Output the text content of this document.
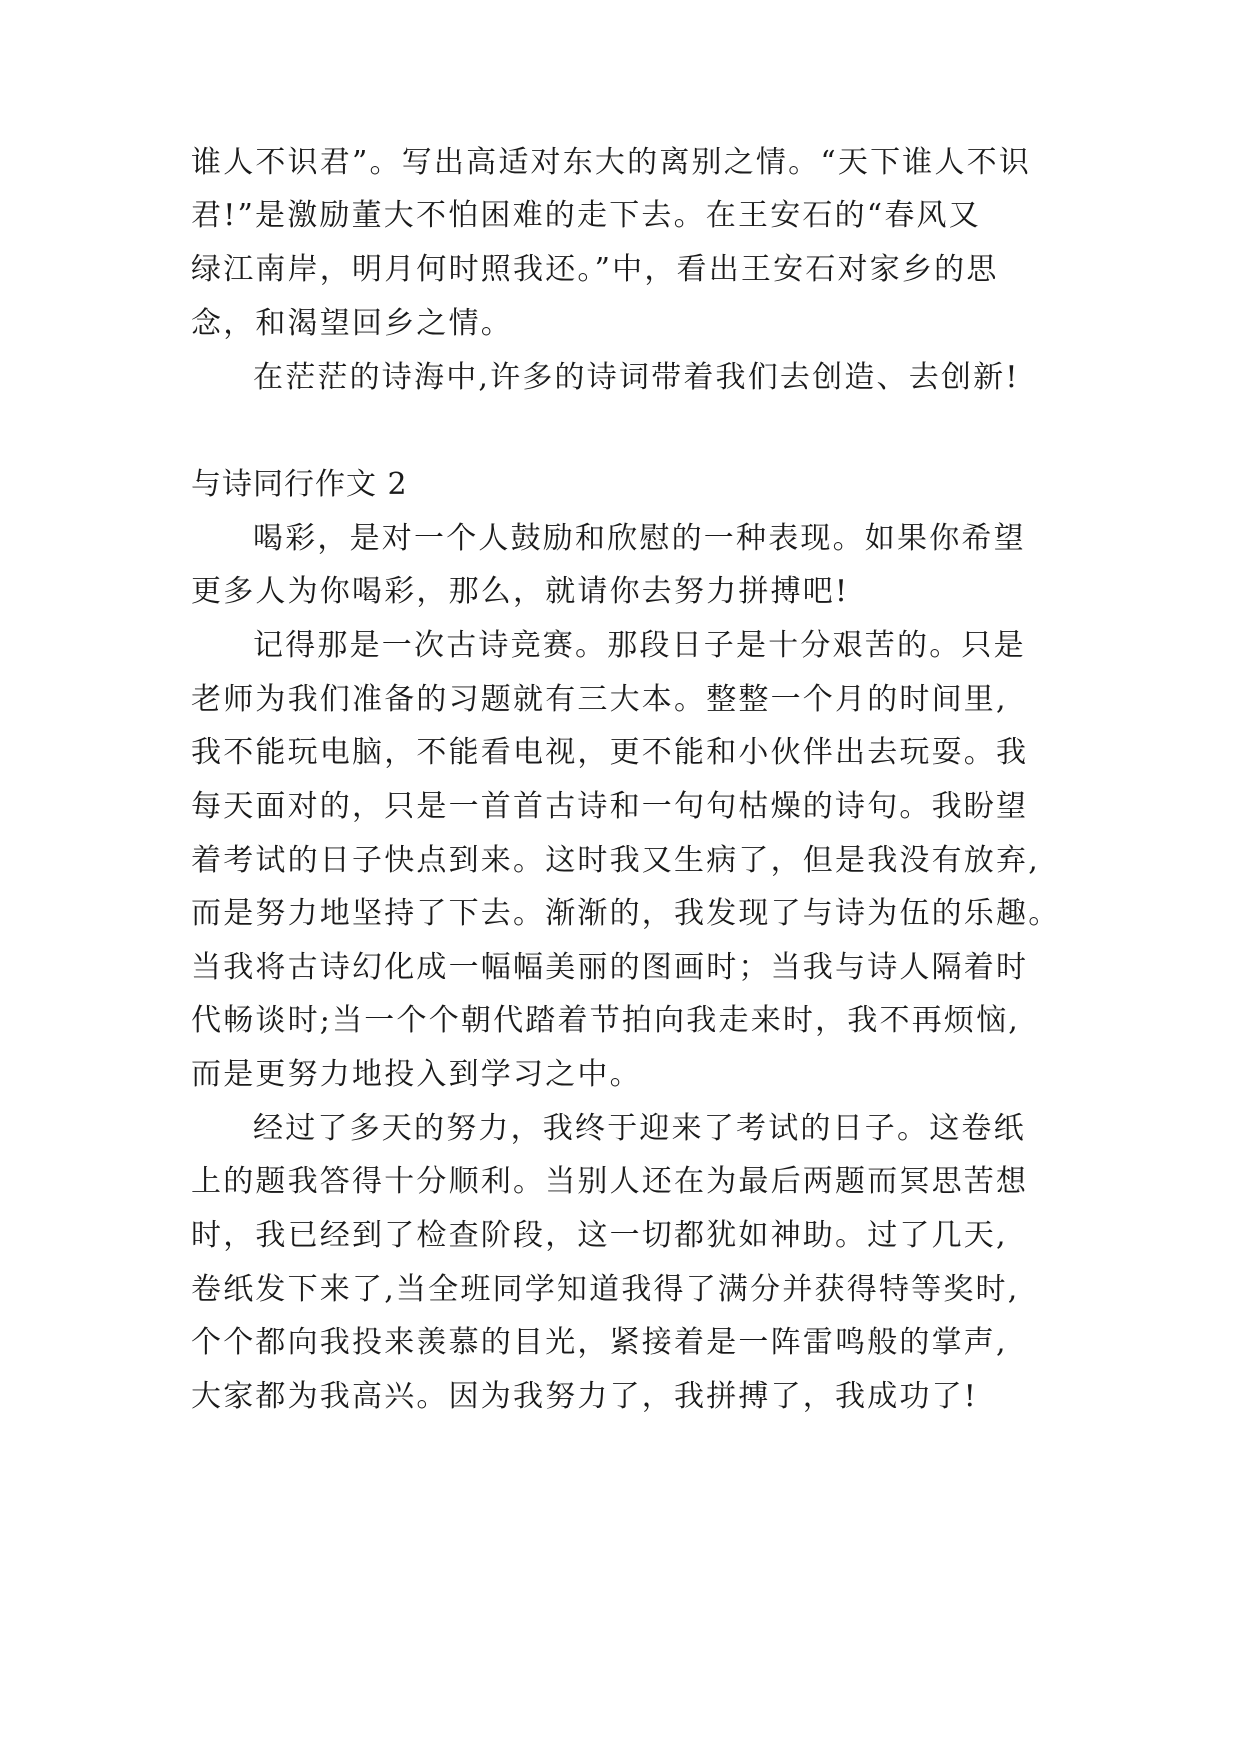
谁人不识君”。写出高适对东大的离别之情。“天下谁人不识
君!”是激励董大不怕困难的走下去。在王安石的“春风又
绿江南岸，明月何时照我还。”中，看出王安石对家乡的思
念，和渴望回乡之情。
在茫茫的诗海中,许多的诗词带着我们去创造、去创新!
与诗同行作文 2
喝彩，是对一个人鼓励和欣慰的一种表现。如果你希望
更多人为你喝彩，那么，就请你去努力拼搏吧!
记得那是一次古诗竞赛。那段日子是十分艰苦的。只是
老师为我们准备的习题就有三大本。整整一个月的时间里,
我不能玩电脑，不能看电视，更不能和小伙伴出去玩耍。我
每天面对的，只是一首首古诗和一句句枯燥的诗句。我盼望
着考试的日子快点到来。这时我又生病了，但是我没有放弃,
而是努力地坚持了下去。渐渐的，我发现了与诗为伍的乐趣。
当我将古诗幻化成一幅幅美丽的图画时；当我与诗人隔着时
代畅谈时;当一个个朝代踏着节拍向我走来时，我不再烦恼,
而是更努力地投入到学习之中。
经过了多天的努力，我终于迎来了考试的日子。这卷纸
上的题我答得十分顺利。当别人还在为最后两题而冥思苦想
时，我已经到了检查阶段，这一切都犹如神助。过了几天,
卷纸发下来了,当全班同学知道我得了满分并获得特等奖时,
个个都向我投来羡慕的目光，紧接着是一阵雷鸣般的掌声,
大家都为我高兴。因为我努力了，我拼搏了，我成功了!
